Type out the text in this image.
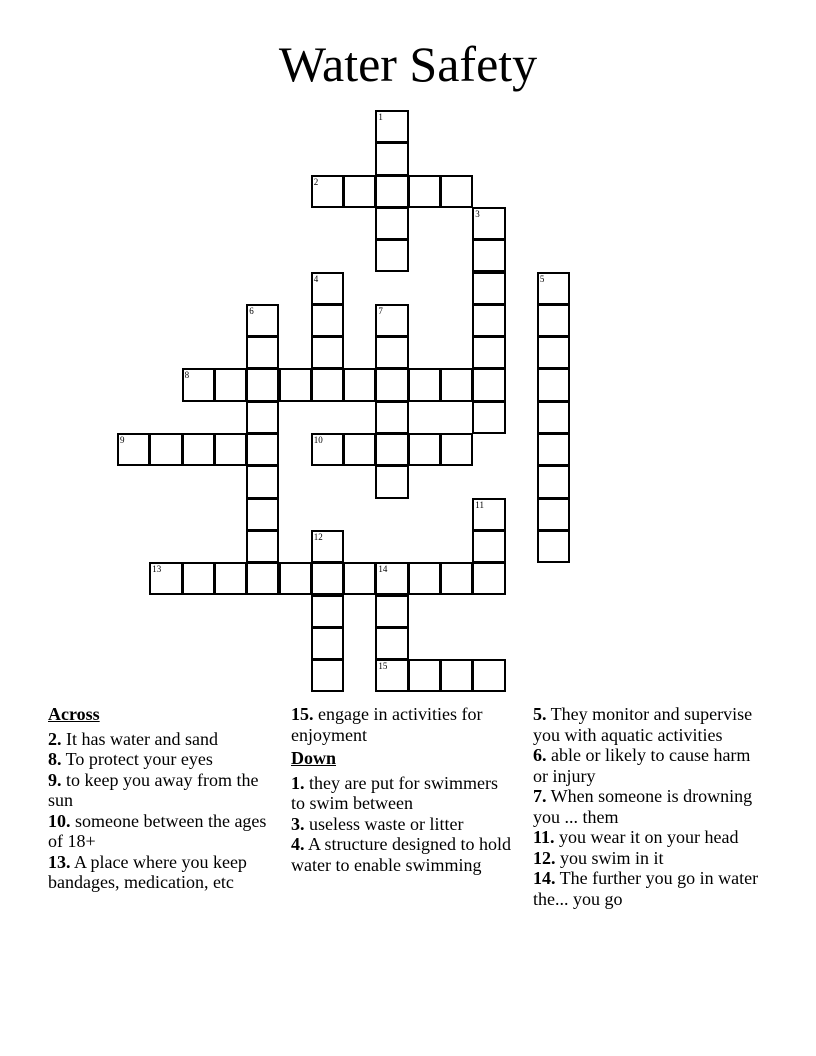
Water Safety
1
2
3
4	5
6	7
8
9	10
11
12
13	14
15
Across
2. It has water and sand
8. To protect your eyes
9. to keep you away from the sun
10. someone between the ages of 18+
13. A place where you keep bandages, medication, etc
15. engage in activities for enjoyment
Down
1. they are put for swimmers to swim between
3. useless waste or litter
4. A structure designed to hold water to enable swimming
5. They monitor and supervise you with aquatic activities
6. able or likely to cause harm or injury
7. When someone is drowning you ... them
11. you wear it on your head
12. you swim in it
14. The further you go in water the... you go
